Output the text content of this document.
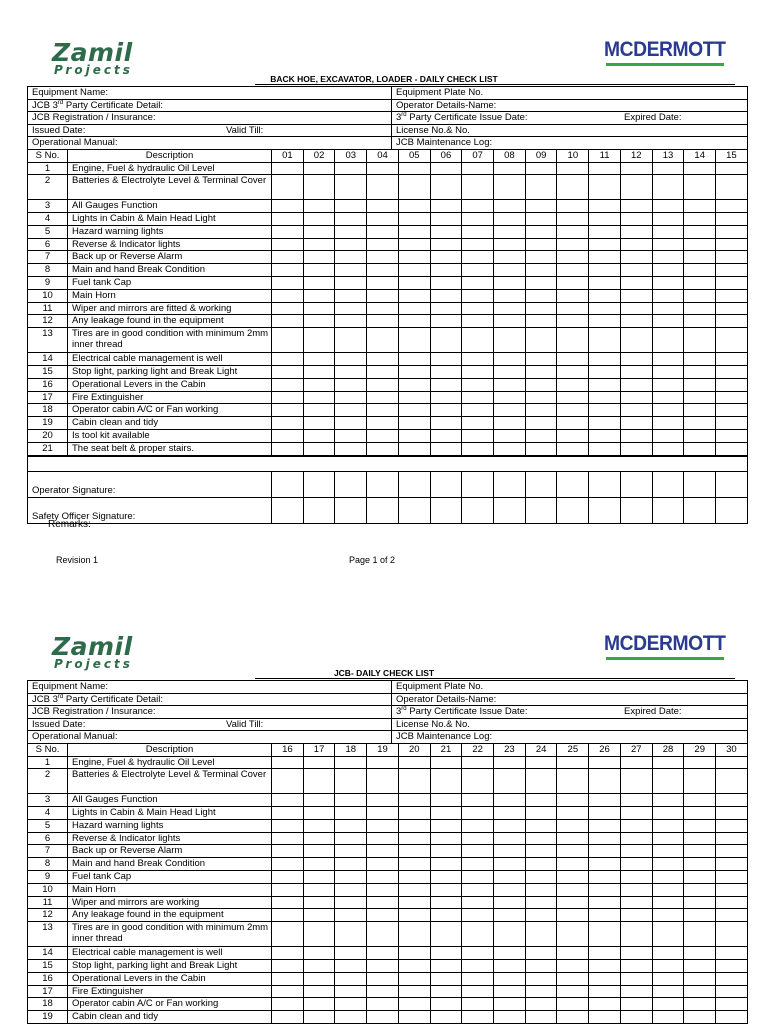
Zamil
Projects
MCDERMOTT
BACK HOE, EXCAVATOR, LOADER - DAILY CHECK LIST
Equipment Name:	Equipment Plate No.
JCB 3rd Party Certificate Detail:	Operator Details-Name:
JCB Registration / Insurance:	3rd Party Certificate Issue Date: Expired Date:

Issued Date: Valid Till:	License No.& No.
Operational Manual:	JCB Maintenance Log:
S No.	Description	01	02	03	04	05	06	07	08	09	10	11	12	13	14	15
1	Engine, Fuel & hydraulic Oil Level															
2	Batteries & Electrolyte Level & Terminal Cover															
3	All Gauges Function															
4	Lights in Cabin & Main Head Light															
5	Hazard warning lights															
6	Reverse & Indicator lights															
7	Back up or Reverse Alarm															
8	Main and hand Break Condition															
9	Fuel tank Cap															
10	Main Horn															
11	Wiper and mirrors are fitted & working															
12	Any leakage found in the equipment															
13	Tires are in good condition with minimum 2mm inner thread															
14	Electrical cable management is well															
15	Stop light, parking light and Break Light															
16	Operational Levers in the Cabin															
17	Fire Extinguisher															
18	Operator cabin A/C or Fan working															
19	Cabin clean and tidy															
20	Is tool kit available															
21	The seat belt & proper stairs.															

Operator Signature:															
Safety Officer Signature:															
Remarks:
Revision 1	Page 1 of 2
Zamil
Projects
MCDERMOTT
JCB- DAILY CHECK LIST
Equipment Name:	Equipment Plate No.
JCB 3rd Party Certificate Detail:	Operator Details-Name:
JCB Registration / Insurance:	3rd Party Certificate Issue Date: Expired Date:

Issued Date: Valid Till:	License No.& No.
Operational Manual:	JCB Maintenance Log:
S No.	Description	16	17	18	19	20	21	22	23	24	25	26	27	28	29	30
1	Engine, Fuel & hydraulic Oil Level															
2	Batteries & Electrolyte Level & Terminal Cover															
3	All Gauges Function															
4	Lights in Cabin & Main Head Light															
5	Hazard warning lights															
6	Reverse & Indicator lights															
7	Back up or Reverse Alarm															
8	Main and hand Break Condition															
9	Fuel tank Cap															
10	Main Horn															
11	Wiper and mirrors are working															
12	Any leakage found in the equipment															
13	Tires are in good condition with minimum 2mm inner thread															
14	Electrical cable management is well															
15	Stop light, parking light and Break Light															
16	Operational Levers in the Cabin															
17	Fire Extinguisher															
18	Operator cabin A/C or Fan working															
19	Cabin clean and tidy															
